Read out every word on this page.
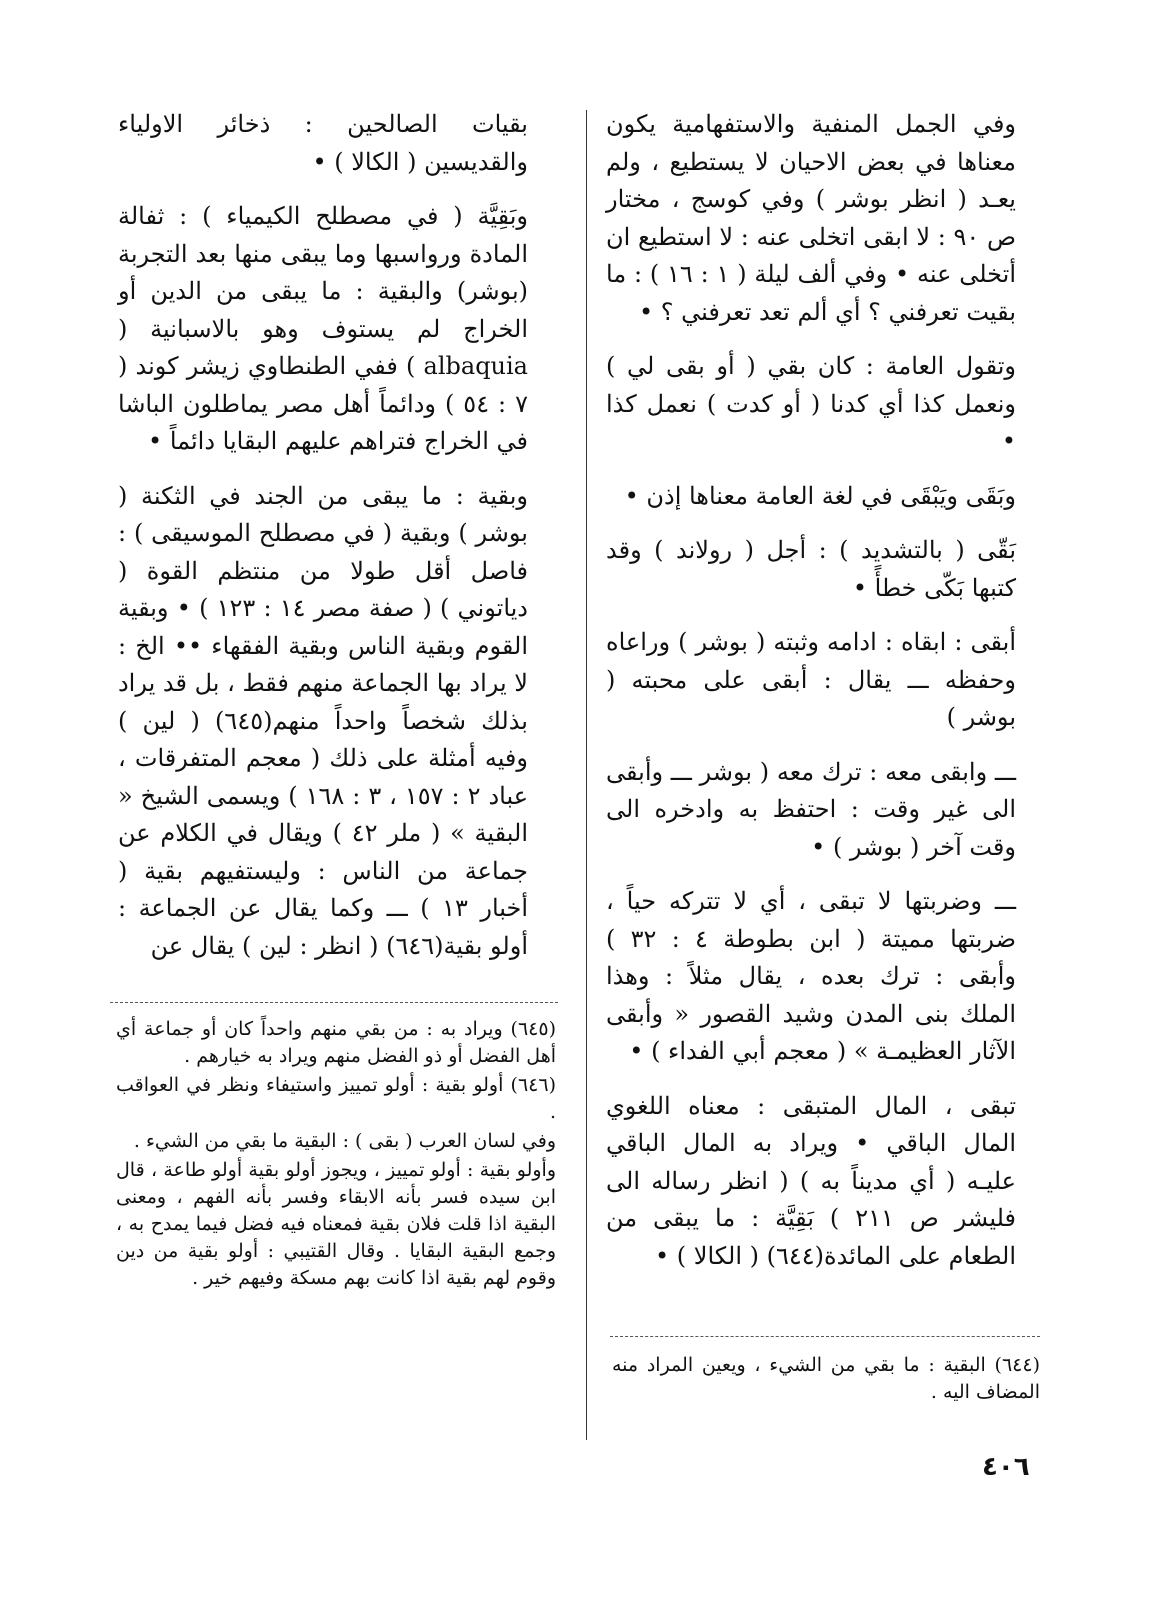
وفي الجمل المنفية والاستفهامية يكون معناها في بعض الاحيان لا يستطيع ، ولم يعـد ( انظر بوشر ) وفي كوسج ، مختار ص ٩٠ : لا ابقى اتخلى عنه : لا استطيع ان أتخلى عنه • وفي ألف ليلة ( ١ : ١٦ ) : ما بقيت تعرفني ؟ أي ألم تعد تعرفني ؟ •

وتقول العامة : كان بقي ( أو بقى لي ) ونعمل كذا أي كدنا ( أو كدت ) نعمل كذا •

وبَقَى ويَبْقَى في لغة العامة معناها إذن •

بَقّى ( بالتشديد ) : أجل ( رولاند ) وقد كتبها بَكّى خطأً •

أبقى : ابقاه : ادامه وثبته ( بوشر ) وراعاه وحفظه ـــ يقال : أبقى على محبته ( بوشر )

ـــ وابقى معه : ترك معه ( بوشر ـــ وأبقى الى غير وقت : احتفظ به وادخره الى وقت آخر ( بوشر ) •

ـــ وضربتها لا تبقى ، أي لا تتركه حياً ، ضربتها مميتة ( ابن بطوطة ٤ : ٣٢ ) وأبقى : ترك بعده ، يقال مثلاً : وهذا الملك بنى المدن وشيد القصور « وأبقى الآثار العظيمـة » ( معجم أبي الفداء ) •

تبقى ، المال المتبقى : معناه اللغوي المال الباقي • ويراد به المال الباقي عليـه ( أي مديناً به ) ( انظر رساله الى فليشر ص ٢١١ ) بَقِيَّة : ما يبقى من الطعام على المائدة(٦٤٤) ( الكالا ) •

بقيات الصالحين : ذخائر الاولياء والقديسين ( الكالا ) •

وبَقِيَّة ( في مصطلح الكيمياء ) : ثفالة المادة ورواسبها وما يبقى منها بعد التجربة (بوشر) والبقية : ما يبقى من الدين أو الخراج لم يستوف وهو بالاسبانية ( albaquia ) ففي الطنطاوي زيشر كوند ( ٧ : ٥٤ ) ودائماً أهل مصر يماطلون الباشا في الخراج فتراهم عليهم البقايا دائماً •

وبقية : ما يبقى من الجند في الثكنة ( بوشر ) وبقية ( في مصطلح الموسيقى ) : فاصل أقل طولا من منتظم القوة ( دياتوني ) ( صفة مصر ١٤ : ١٢٣ ) • وبقية القوم وبقية الناس وبقية الفقهاء •• الخ : لا يراد بها الجماعة منهم فقط ، بل قد يراد بذلك شخصاً واحداً منهم(٦٤٥) ( لين ) وفيه أمثلة على ذلك ( معجم المتفرقات ، عباد ٢ : ١٥٧ ، ٣ : ١٦٨ ) ويسمى الشيخ « البقية » ( ملر ٤٢ ) ويقال في الكلام عن جماعة من الناس : وليستفيهم بقية ( أخبار ١٣ ) ـــ وكما يقال عن الجماعة : أولو بقية(٦٤٦) ( انظر : لين ) يقال عن

(٦٤٥) ويراد به : من بقي منهم واحداً كان أو جماعة أي أهل الفضل أو ذو الفضل منهم ويراد به خيارهم .

(٦٤٦) أولو بقية : أولو تمييز واستيفاء ونظر في العواقب .

وفي لسان العرب ( بقى ) : البقية ما بقي من الشيء .

وأولو بقية : أولو تمييز ، ويجوز أولو بقية أولو طاعة ، قال ابن سيده فسر بأنه الابقاء وفسر بأنه الفهم ، ومعنى البقية اذا قلت فلان بقية فمعناه فيه فضل فيما يمدح به ، وجمع البقية البقايا . وقال القتيبي : أولو بقية من دين وقوم لهم بقية اذا كانت بهم مسكة وفيهم خير .

(٦٤٤) البقية : ما بقي من الشيء ، ويعين المراد منه المضاف اليه .

٤٠٦
